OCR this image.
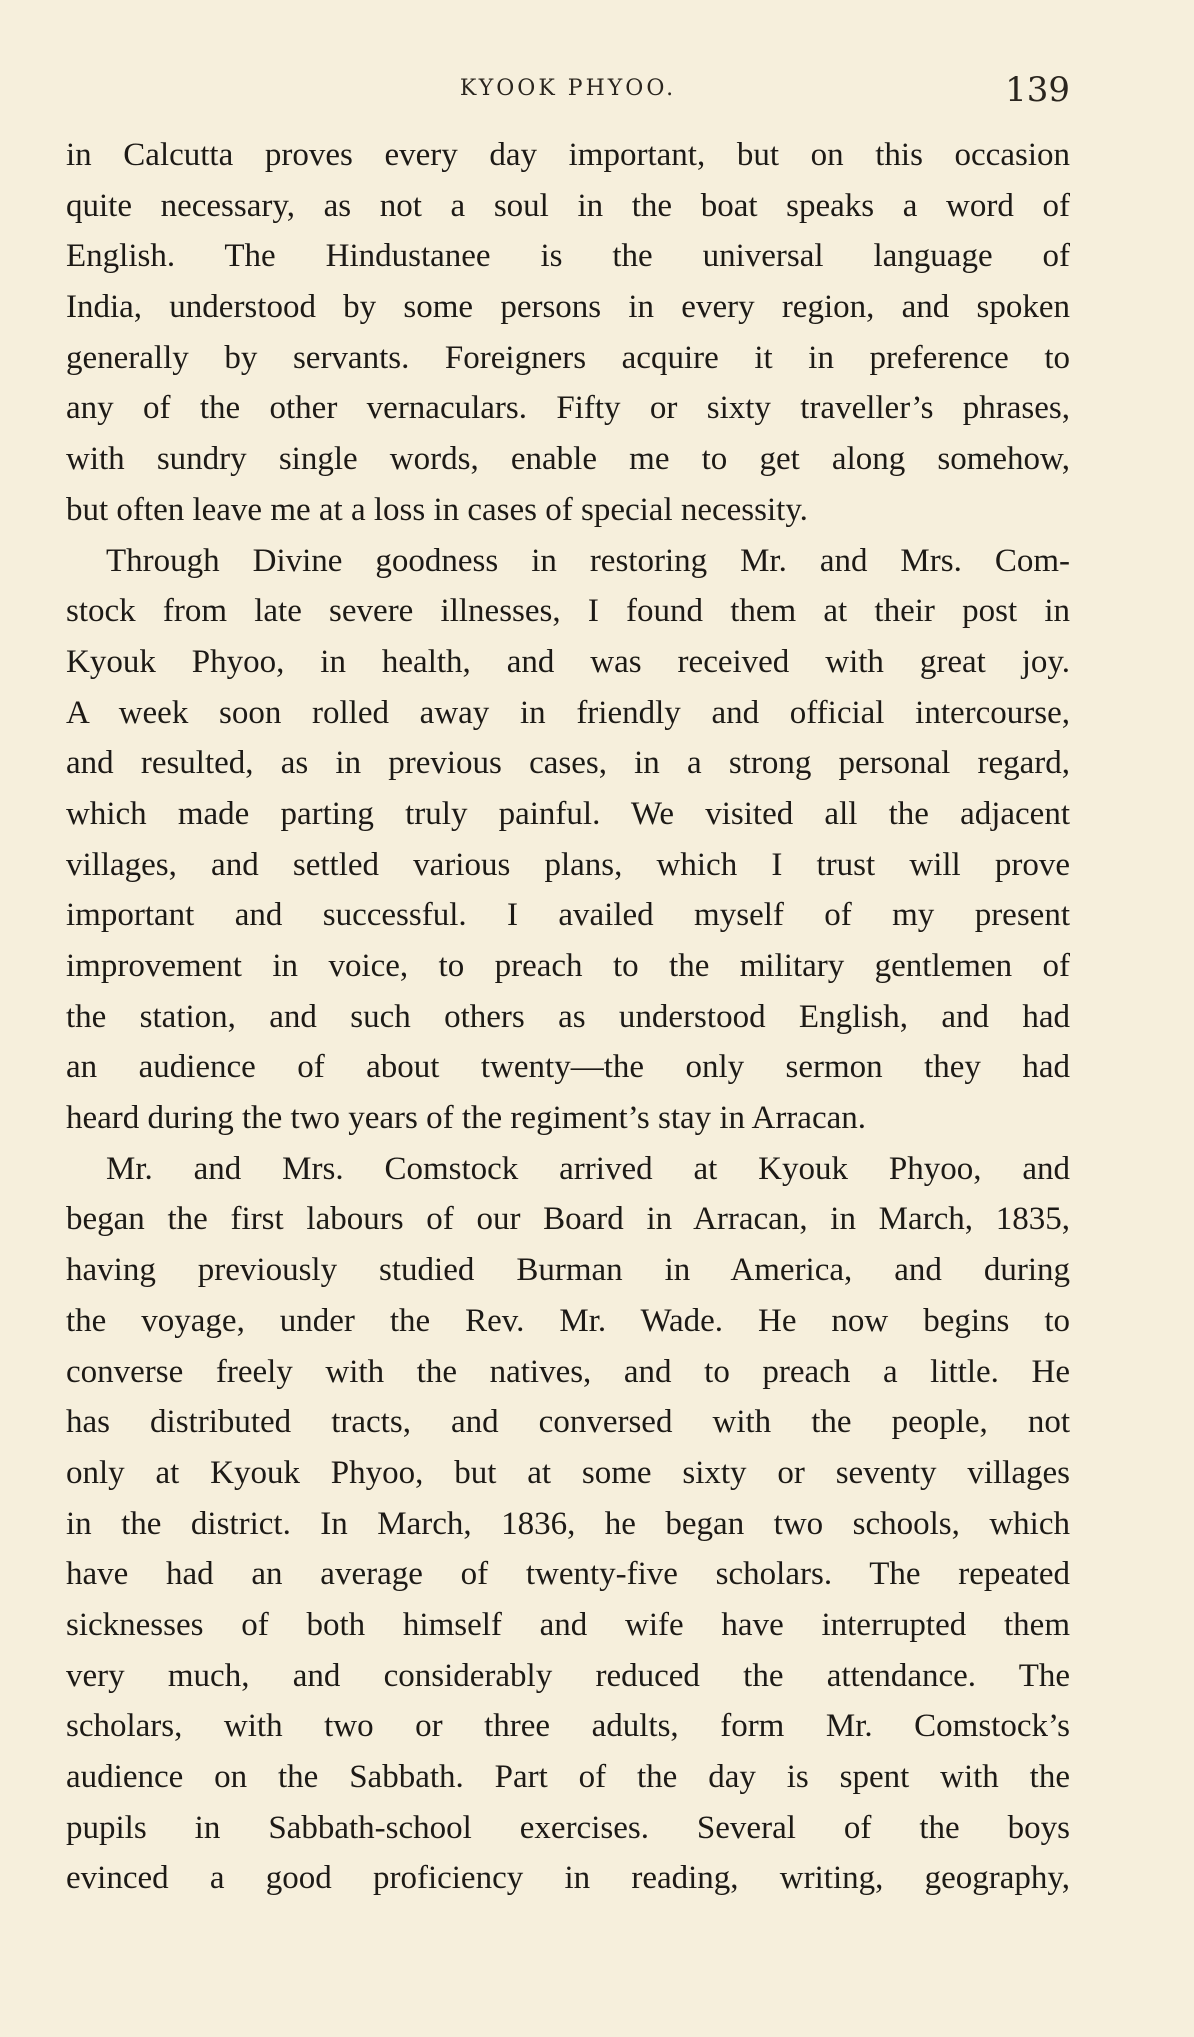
KYOOK PHYOO.	139
in Calcutta proves every day important, but on this occasion
quite necessary, as not a soul in the boat speaks a word of
English. The Hindustanee is the universal language of
India, understood by some persons in every region, and spoken
generally by servants. Foreigners acquire it in preference to
any of the other vernaculars. Fifty or sixty traveller’s phrases,
with sundry single words, enable me to get along somehow,
but often leave me at a loss in cases of special necessity.
Through Divine goodness in restoring Mr. and Mrs. Com-
stock from late severe illnesses, I found them at their post in
Kyouk Phyoo, in health, and was received with great joy.
A week soon rolled away in friendly and official intercourse,
and resulted, as in previous cases, in a strong personal regard,
which made parting truly painful. We visited all the adjacent
villages, and settled various plans, which I trust will prove
important and successful. I availed myself of my present
improvement in voice, to preach to the military gentlemen of
the station, and such others as understood English, and had
an audience of about twenty—the only sermon they had
heard during the two years of the regiment’s stay in Arracan.
Mr. and Mrs. Comstock arrived at Kyouk Phyoo, and
began the first labours of our Board in Arracan, in March, 1835,
having previously studied Burman in America, and during
the voyage, under the Rev. Mr. Wade. He now begins to
converse freely with the natives, and to preach a little. He
has distributed tracts, and conversed with the people, not
only at Kyouk Phyoo, but at some sixty or seventy villages
in the district. In March, 1836, he began two schools, which
have had an average of twenty-five scholars. The repeated
sicknesses of both himself and wife have interrupted them
very much, and considerably reduced the attendance. The
scholars, with two or three adults, form Mr. Comstock’s
audience on the Sabbath. Part of the day is spent with the
pupils in Sabbath-school exercises. Several of the boys
evinced a good proficiency in reading, writing, geography,
